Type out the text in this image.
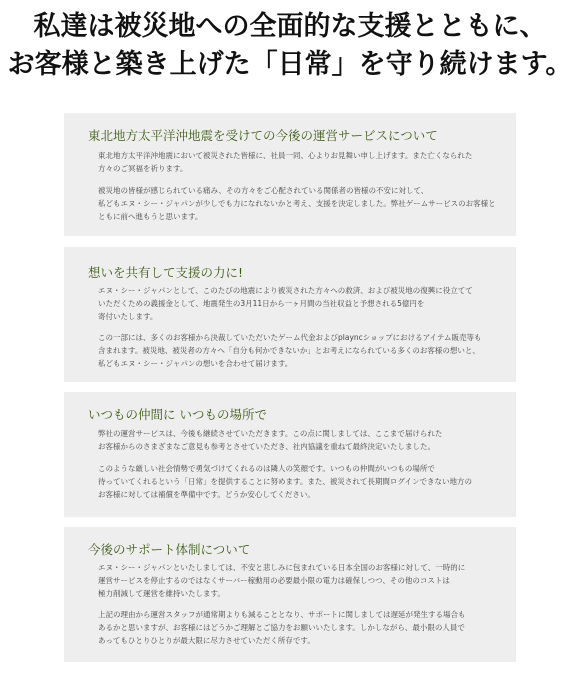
私達は被災地への全面的な支援とともに、
お客様と築き上げた「日常」を守り続けます。
東北地方太平洋沖地震を受けての今後の運営サービスについて
東北地方太平洋沖地震において被災された皆様に、社員一同、心よりお見舞い申し上げます。また亡くなられた
方々のご冥福を祈ります。
被災地の皆様が感じられている痛み、その方々をご心配されている関係者の皆様の不安に対して、
私どもエヌ・シー・ジャパンが少しでも力になれないかと考え、支援を決定しました。弊社ゲームサービスのお客様と
ともに前へ進もうと思います。
想いを共有して支援の力に!
エヌ・シー・ジャパンとして、このたびの地震により被災された方々への救済、および被災地の復興に役立てて
いただくための義援金として、地震発生の3月11日から一ヶ月間の当社収益と予想される5億円を
寄付いたします。
この一部には、多くのお客様から決裁していただいたゲーム代金およびplayncショップにおけるアイテム販売等も
含まれます。被災地、被災者の方々へ「自分も何かできないか」とお考えになられている多くのお客様の想いと、
私どもエヌ・シー・ジャパンの想いを合わせて届けます。
いつもの仲間に いつもの場所で
弊社の運営サービスは、今後も継続させていただきます。この点に関しましては、ここまで届けられた
お客様からのさまざまなご意見も参考とさせていただき、社内協議を重ねて最終決定いたしました。
このような厳しい社会情勢で勇気づけてくれるのは隣人の笑顔です。いつもの仲間がいつもの場所で
待っていてくれるという「日常」を提供することに努めます。また、被災されて長期間ログインできない地方の
お客様に対しては補償を準備中です。どうか安心してください。
今後のサポート体制について
エヌ・シー・ジャパンといたしましては、不安と悲しみに包まれている日本全国のお客様に対して、一時的に
運営サービスを停止するのではなくサーバー稼動用の必要最小限の電力は確保しつつ、その他のコストは
極力削減して運営を維持いたします。
上記の理由から運営スタッフが通常期よりも減ることとなり、サポートに関しましては遅延が発生する場合も
あるかと思いますが、お客様にはどうかご理解とご協力をお願いいたします。しかしながら、最小限の人員で
あってもひとりひとりが最大限に尽力させていただく所存です。
